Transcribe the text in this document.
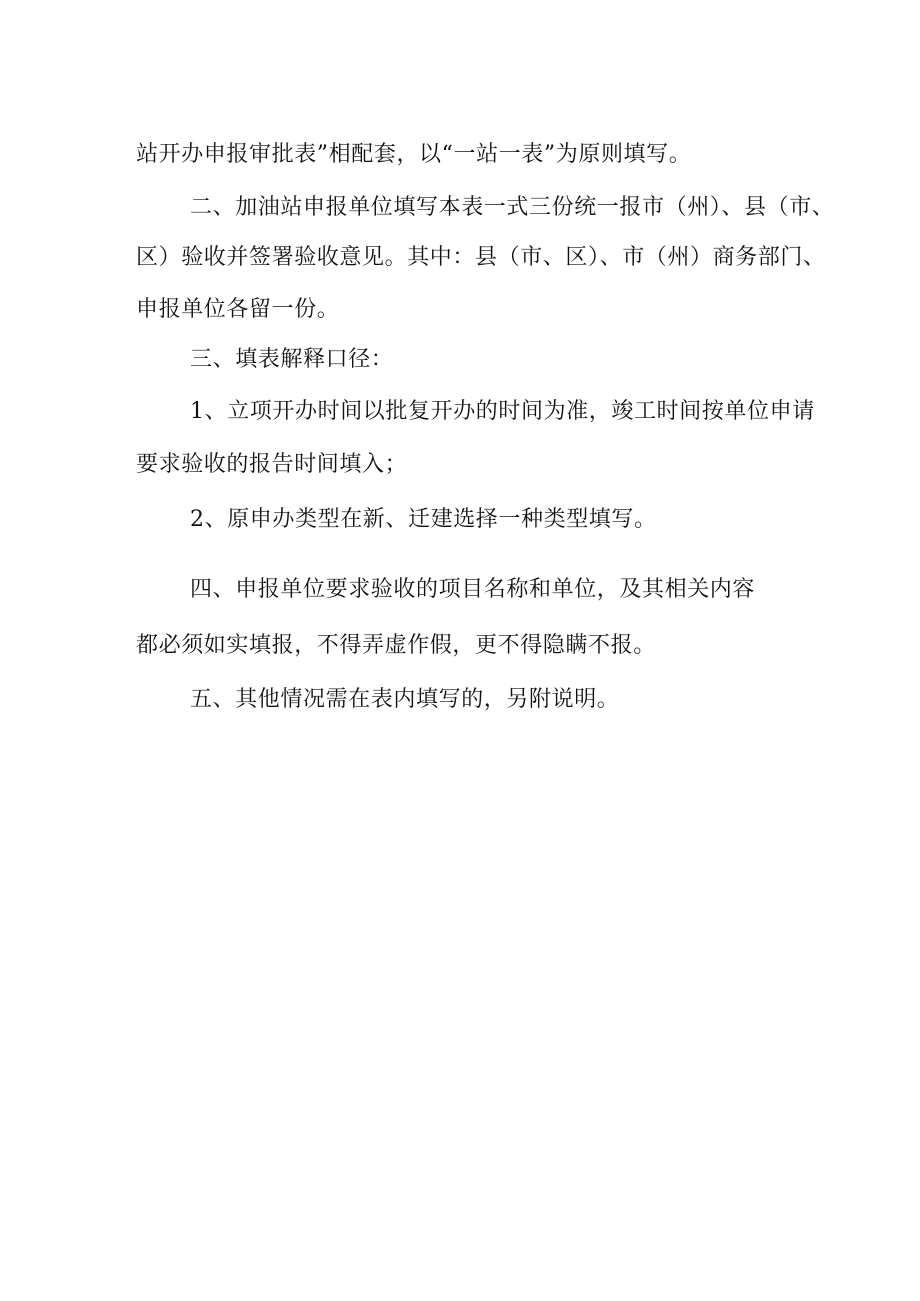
站开办申报审批表”相配套，以“一站一表”为原则填写。
二、加油站申报单位填写本表一式三份统一报市（州）、县（市、
区）验收并签署验收意见。其中：县（市、区）、市（州）商务部门、
申报单位各留一份。
三、填表解释口径：
1、立项开办时间以批复开办的时间为准，竣工时间按单位申请
要求验收的报告时间填入；
2、原申办类型在新、迁建选择一种类型填写。
四、申报单位要求验收的项目名称和单位，及其相关内容
都必须如实填报，不得弄虚作假，更不得隐瞒不报。
五、其他情况需在表内填写的，另附说明。
